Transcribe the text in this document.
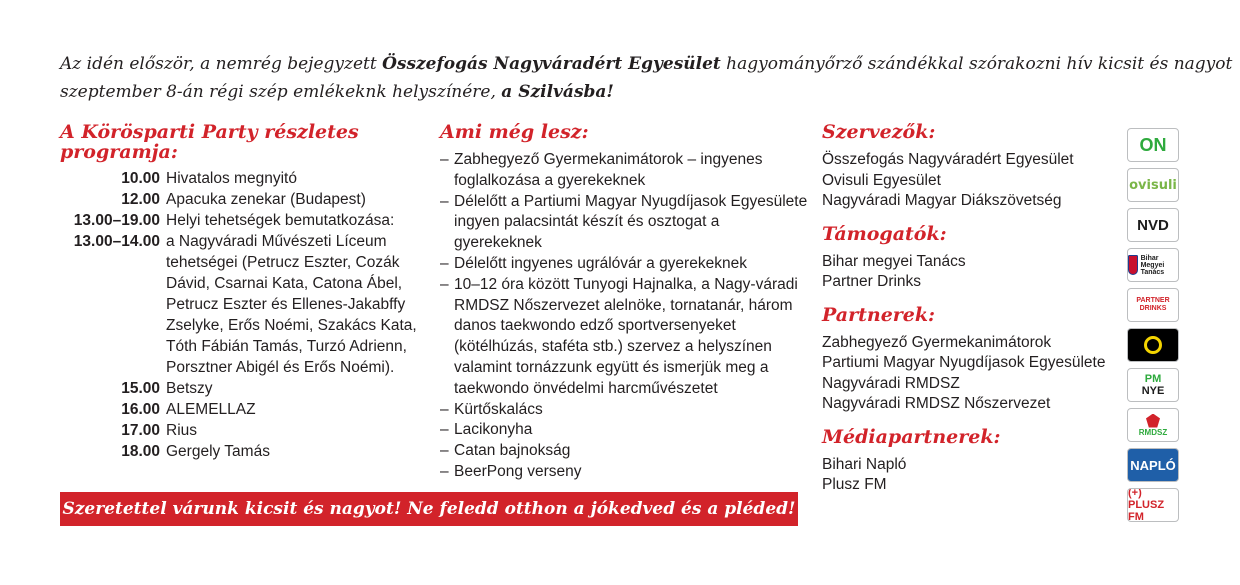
Az idén először, a nemrég bejegyzett Összefogás Nagyváradért Egyesület hagyományőrző szándékkal szórakozni hív kicsit és nagyot
szeptember 8-án régi szép emlékeknk helyszínére, a Szilvásba!
A Körösparti Party részletes
programja:
10.00 Hivatalos megnyitó
12.00 Apacuka zenekar (Budapest)
13.00–19.00 Helyi tehetségek bemutatkozása:
13.00–14.00 a Nagyváradi Művészeti Líceum tehetségei (Petrucz Eszter, Cozák Dávid, Csarnai Kata, Catona Ábel, Petrucz Eszter és Ellenes-Jakabffy Zselyke, Erős Noémi, Szakács Kata, Tóth Fábián Tamás, Turzó Adrienn, Porsztner Abigél és Erős Noémi).
15.00 Betszy
16.00 ALEMELLAZ
17.00 Rius
18.00 Gergely Tamás
Ami még lesz:
– Zabhegyező Gyermekanimátorok – ingyenes foglalkozása a gyerekeknek
– Délelőtt a Partiumi Magyar Nyugdíjasok Egyesülete ingyen palacsintát készít és osztogat a gyerekeknek
– Délelőtt ingyenes ugrálóvár a gyerekeknek
– 10–12 óra között Tunyogi Hajnalka, a Nagy-váradi RMDSZ Nőszervezet alelnöke, tornatanár, három danos taekwondo edző sportversenyeket (kötélhúzás, staféta stb.) szervez a helyszínen valamint tornázzunk együtt és ismerjük meg a taekwondo önvédelmi harcművészetet
– Kürtőskalács
– Lacikonyha
– Catan bajnokság
– BeerPong verseny
Szervezők:
Összefogás Nagyváradért Egyesület
Ovisuli Egyesület
Nagyváradi Magyar Diákszövetség
Támogatók:
Bihar megyei Tanács
Partner Drinks
Partnerek:
Zabhegyező Gyermekanimátorok
Partiumi Magyar Nyugdíjasok Egyesülete
Nagyváradi RMDSZ
Nagyváradi RMDSZ Nőszervezet
Médiapartnerek:
Bihari Napló
Plusz FM
ON
ovisuli
NVD
Bihar Megyei Tanács
PARTNER DRINKS
PM
NYE
RMDSZ
NAPLÓ
(+) PLUSZ FM
Szeretettel várunk kicsit és nagyot! Ne feledd otthon a jókedved és a pléded!
